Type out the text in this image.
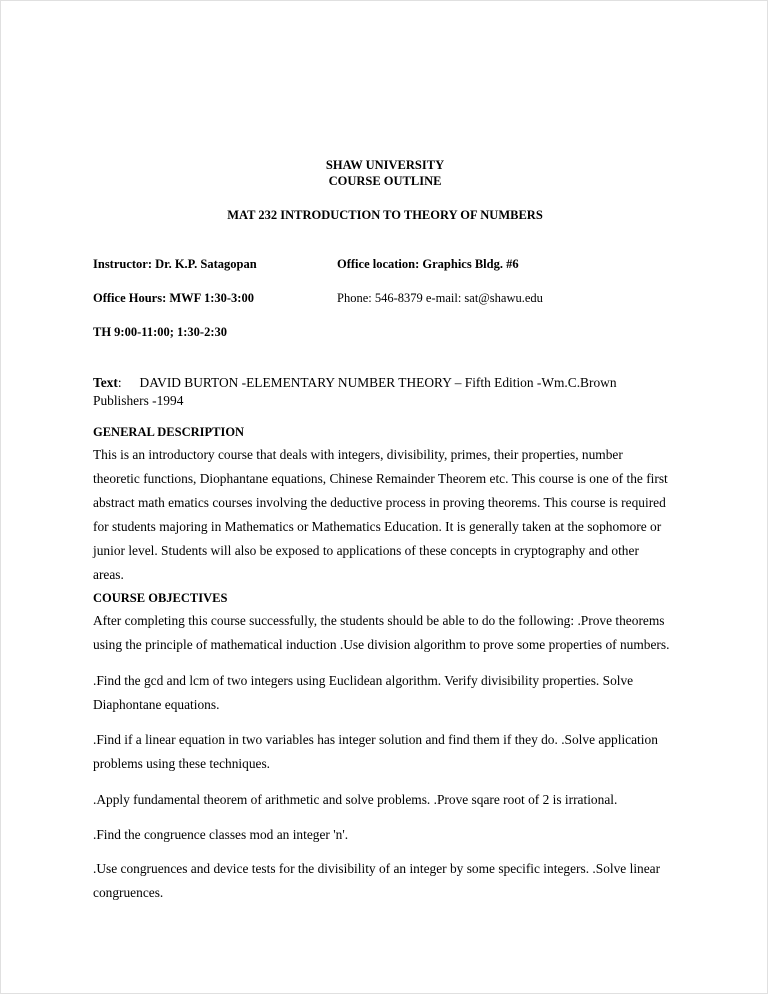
SHAW UNIVERSITY
COURSE OUTLINE
MAT 232 INTRODUCTION TO THEORY OF NUMBERS
Instructor: Dr. K.P. Satagopan	Office location: Graphics Bldg. #6
Office Hours: MWF 1:30-3:00	Phone: 546-8379 e-mail: sat@shawu.edu
TH 9:00-11:00; 1:30-2:30
Text: DAVID BURTON -ELEMENTARY NUMBER THEORY – Fifth Edition -Wm.C.Brown
Publishers -1994
GENERAL DESCRIPTION
This is an introductory course that deals with integers, divisibility, primes, their properties, number
theoretic functions, Diophantane equations, Chinese Remainder Theorem etc. This course is one of the first
abstract math ematics courses involving the deductive process in proving theorems. This course is required
for students majoring in Mathematics or Mathematics Education. It is generally taken at the sophomore or
junior level. Students will also be exposed to applications of these concepts in cryptography and other
areas.
COURSE OBJECTIVES
After completing this course successfully, the students should be able to do the following: .Prove theorems
using the principle of mathematical induction .Use division algorithm to prove some properties of numbers.
.Find the gcd and lcm of two integers using Euclidean algorithm. Verify divisibility properties. Solve
Diaphontane equations.
.Find if a linear equation in two variables has integer solution and find them if they do. .Solve application
problems using these techniques.
.Apply fundamental theorem of arithmetic and solve problems. .Prove sqare root of 2 is irrational.
.Find the congruence classes mod an integer 'n'.
.Use congruences and device tests for the divisibility of an integer by some specific integers. .Solve linear
congruences.
